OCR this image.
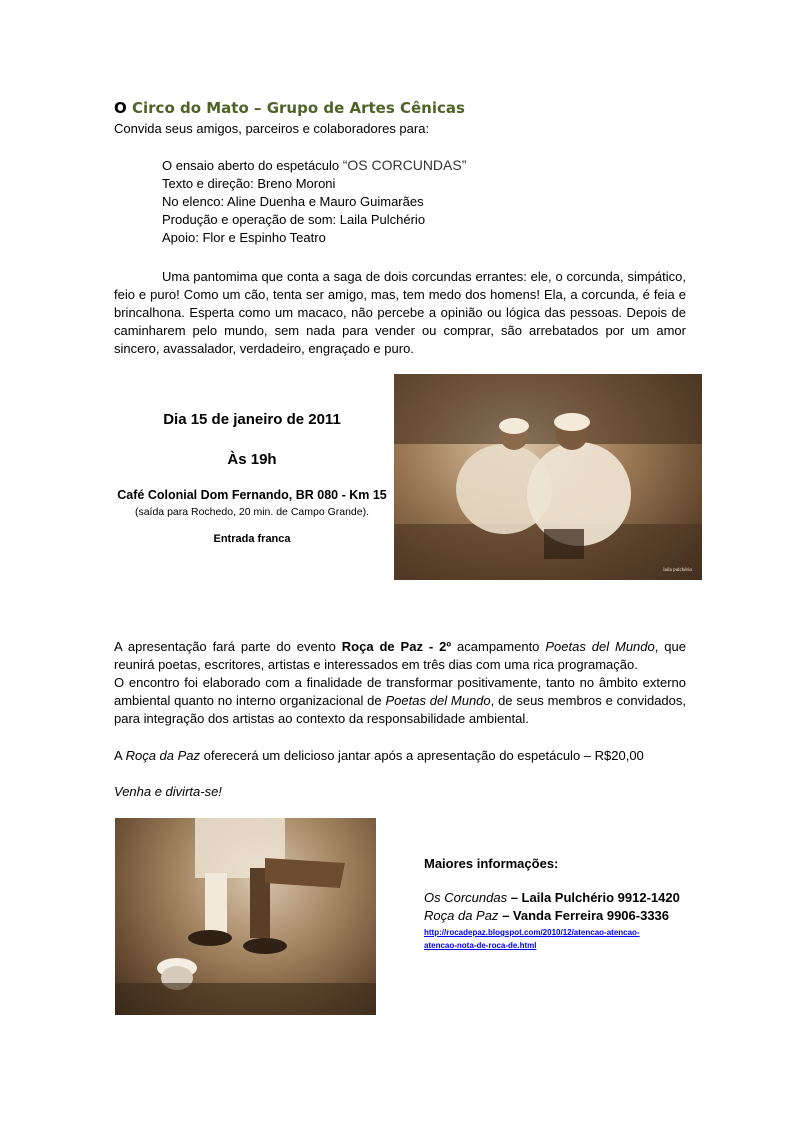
O Circo do Mato – Grupo de Artes Cênicas
Convida seus amigos, parceiros e colaboradores para:
O ensaio aberto do espetáculo “OS CORCUNDAS”
Texto e direção: Breno Moroni
No elenco: Aline Duenha e Mauro Guimarães
Produção e operação de som: Laila Pulchério
Apoio: Flor e Espinho Teatro
Uma pantomima que conta a saga de dois corcundas errantes: ele, o corcunda, simpático, feio e puro! Como um cão, tenta ser amigo, mas, tem medo dos homens! Ela, a corcunda, é feia e brincalhona. Esperta como um macaco, não percebe a opinião ou lógica das pessoas. Depois de caminharem pelo mundo, sem nada para vender ou comprar, são arrebatados por um amor sincero, avassalador, verdadeiro, engraçado e puro.
Dia 15 de janeiro de 2011
Às 19h
Café Colonial Dom Fernando, BR 080 - Km 15
(saída para Rochedo, 20 min. de Campo Grande).
Entrada franca
laila pulchério
A apresentação fará parte do evento Roça de Paz - 2º acampamento Poetas del Mundo, que reunirá poetas, escritores, artistas e interessados em três dias com uma rica programação.
O encontro foi elaborado com a finalidade de transformar positivamente, tanto no âmbito externo ambiental quanto no interno organizacional de Poetas del Mundo, de seus membros e convidados, para integração dos artistas ao contexto da responsabilidade ambiental.
A Roça da Paz oferecerá um delicioso jantar após a apresentação do espetáculo – R$20,00
Venha e divirta-se!
Maiores informações:
Os Corcundas – Laila Pulchério 9912-1420
Roça da Paz – Vanda Ferreira 9906-3336
http://rocadepaz.blogspot.com/2010/12/atencao-atencao-
atencao-nota-de-roca-de.html
